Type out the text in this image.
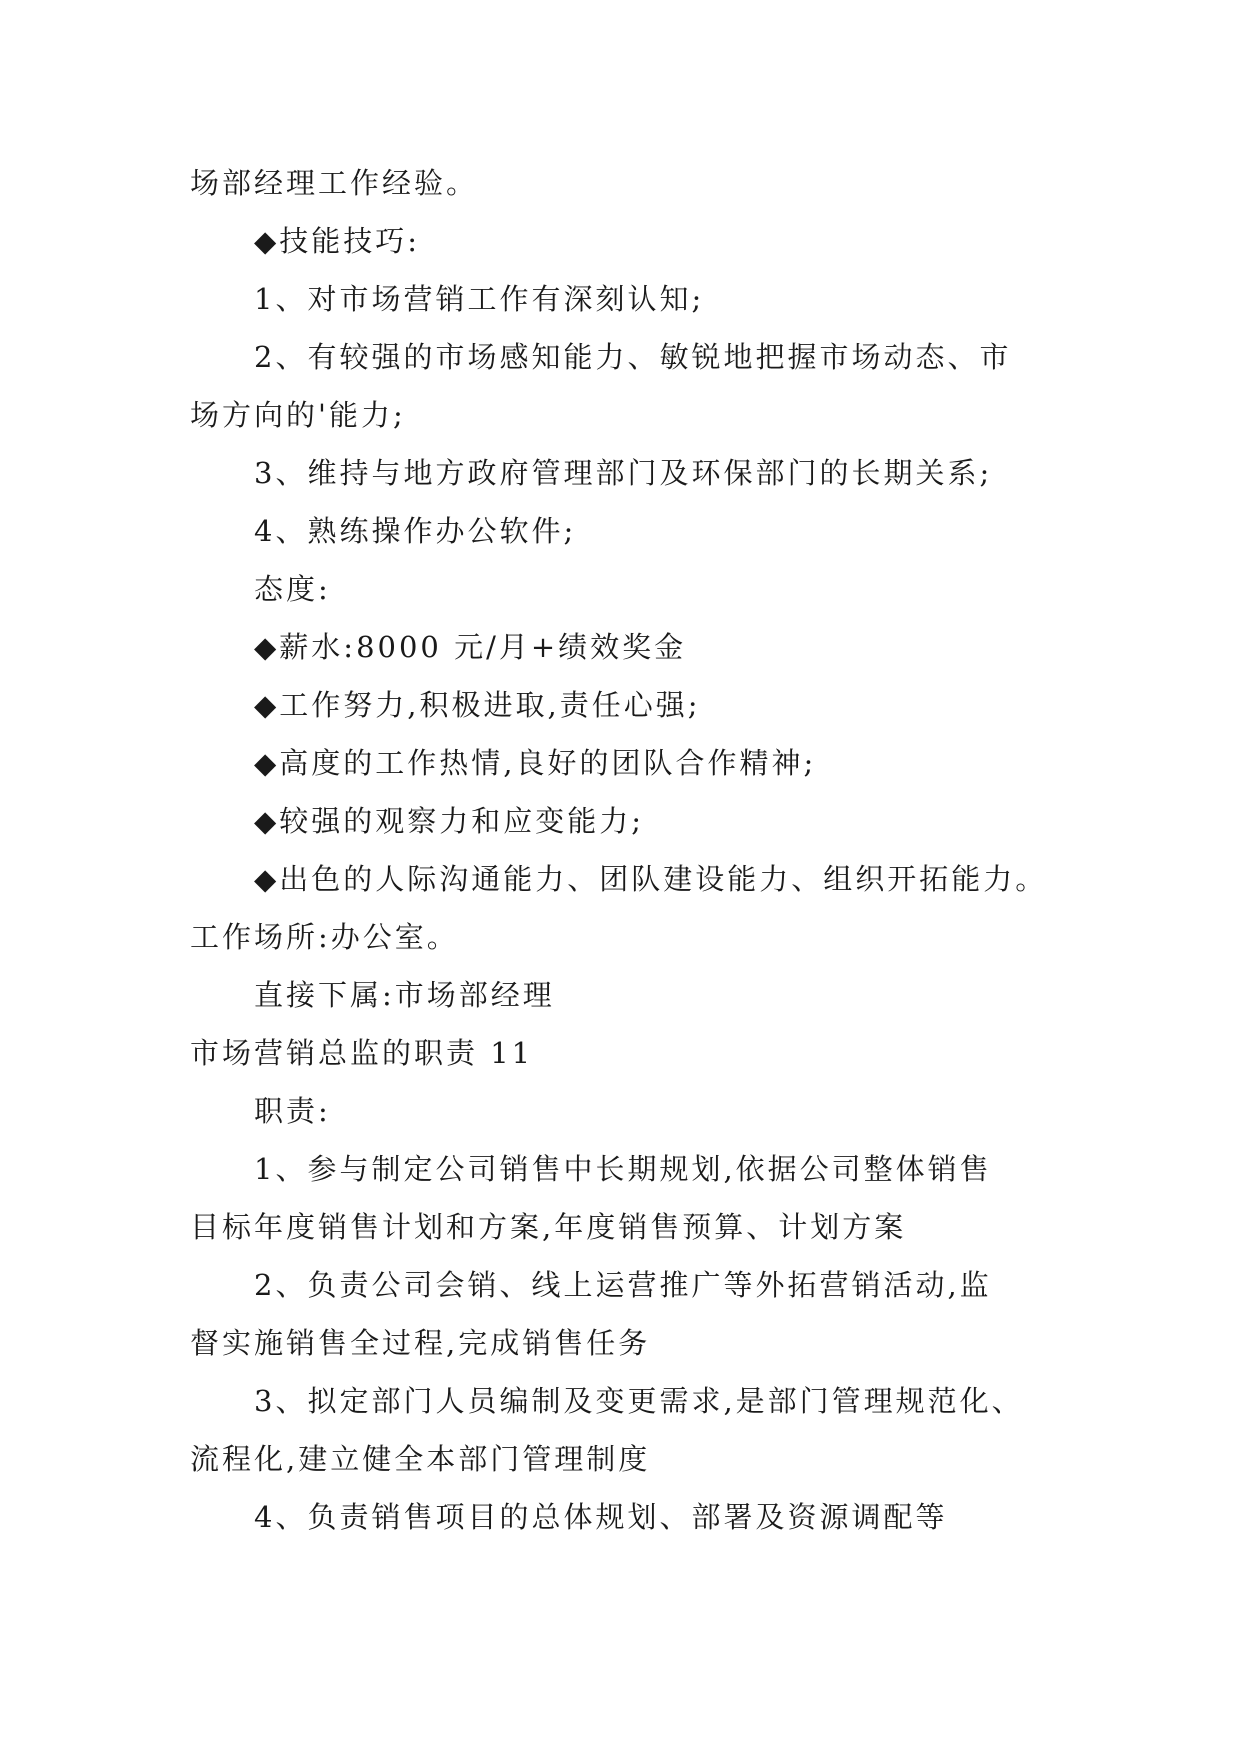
场部经理工作经验。
◆技能技巧:
1、对市场营销工作有深刻认知;
2、有较强的市场感知能力、敏锐地把握市场动态、市
场方向的'能力;
3、维持与地方政府管理部门及环保部门的长期关系;
4、熟练操作办公软件;
态度:
◆薪水:8000 元/月+绩效奖金
◆工作努力,积极进取,责任心强;
◆高度的工作热情,良好的团队合作精神;
◆较强的观察力和应变能力;
◆出色的人际沟通能力、团队建设能力、组织开拓能力。
工作场所:办公室。
直接下属:市场部经理
市场营销总监的职责 11
职责:
1、参与制定公司销售中长期规划,依据公司整体销售
目标年度销售计划和方案,年度销售预算、计划方案
2、负责公司会销、线上运营推广等外拓营销活动,监
督实施销售全过程,完成销售任务
3、拟定部门人员编制及变更需求,是部门管理规范化、
流程化,建立健全本部门管理制度
4、负责销售项目的总体规划、部署及资源调配等
